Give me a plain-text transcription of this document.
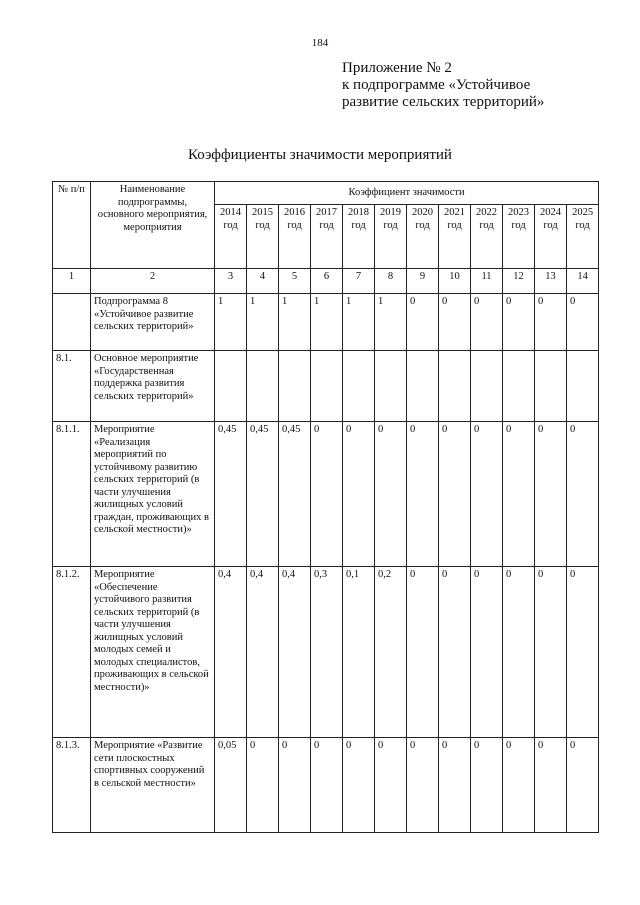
184
Приложение № 2
к подпрограмме «Устойчивое
развитие сельских территорий»
Коэффициенты значимости мероприятий
№ п/п	Наименование подпрограммы, основного мероприятия, мероприятия	Коэффициент значимости											
		2014 год	2015 год	2016 год	2017 год	2018 год	2019 год	2020 год	2021 год	2022 год	2023 год	2024 год	2025 год
1	2	3	4	5	6	7	8	9	10	11	12	13	14
	Подпрограмма 8 «Устойчивое развитие сельских территорий»	1	1	1	1	1	1	0	0	0	0	0	0
8.1.	Основное мероприятие «Государственная поддержка развития сельских территорий»												
8.1.1.	Мероприятие «Реализация мероприятий по устойчивому развитию сельских территорий (в части улучшения жилищных условий граждан, проживающих в сельской местности)»	0,45	0,45	0,45	0	0	0	0	0	0	0	0	0
8.1.2.	Мероприятие «Обеспечение устойчивого развития сельских территорий (в части улучшения жилищных условий молодых семей и молодых специалистов, проживающих в сельской местности)»	0,4	0,4	0,4	0,3	0,1	0,2	0	0	0	0	0	0
8.1.3.	Мероприятие «Развитие сети плоскостных спортивных сооружений в сельской местности»	0,05	0	0	0	0	0	0	0	0	0	0	0
